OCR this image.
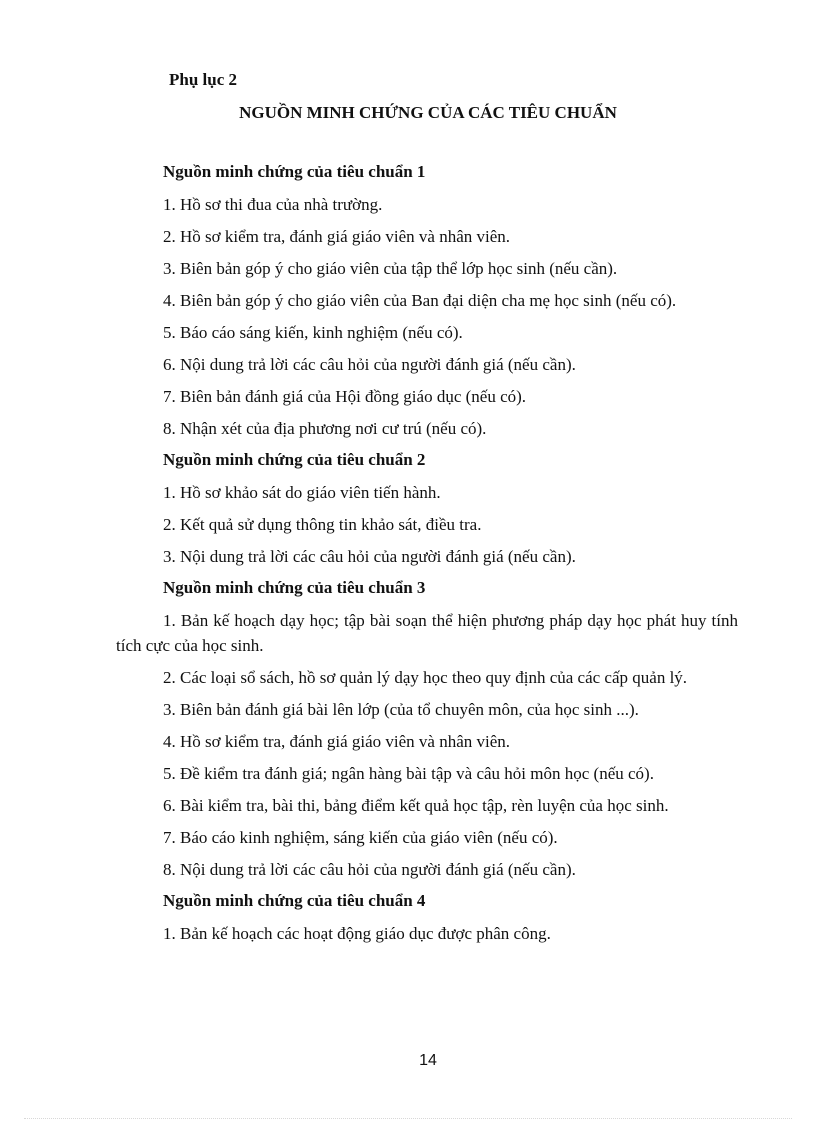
Phụ lục 2
NGUỒN MINH CHỨNG CỦA CÁC TIÊU CHUẨN

Nguồn minh chứng của tiêu chuẩn 1

1. Hồ sơ thi đua của nhà trường.

2. Hồ sơ kiểm tra, đánh giá giáo viên và nhân viên.

3. Biên bản góp ý cho giáo viên của tập thể lớp học sinh (nếu cần).

4. Biên bản góp ý cho giáo viên của Ban đại diện cha mẹ học sinh (nếu có).

5. Báo cáo sáng kiến, kinh nghiệm (nếu có).

6. Nội dung trả lời các câu hỏi của người đánh giá (nếu cần).

7. Biên bản đánh giá của Hội đồng giáo dục (nếu có).

8. Nhận xét của địa phương nơi cư trú (nếu có).

Nguồn minh chứng của tiêu chuẩn 2

1. Hồ sơ khảo sát do giáo viên tiến hành.

2. Kết quả sử dụng thông tin khảo sát, điều tra.

3. Nội dung trả lời các câu hỏi của người đánh giá (nếu cần).

Nguồn minh chứng của tiêu chuẩn 3

1. Bản kế hoạch dạy học; tập bài soạn thể hiện phương pháp dạy học phát huy tính tích cực của học sinh.

2. Các loại sổ sách, hồ sơ quản lý dạy học theo quy định của các cấp quản lý.

3. Biên bản đánh giá bài lên lớp (của tổ chuyên môn, của học sinh ...).

4. Hồ sơ kiểm tra, đánh giá giáo viên và nhân viên.

5. Đề kiểm tra đánh giá; ngân hàng bài tập và câu hỏi môn học (nếu có).

6. Bài kiểm tra, bài thi, bảng điểm kết quả học tập, rèn luyện của học sinh.

7. Báo cáo kinh nghiệm, sáng kiến của giáo viên (nếu có).

8. Nội dung trả lời các câu hỏi của người đánh giá (nếu cần).

Nguồn minh chứng của tiêu chuẩn 4

1. Bản kế hoạch các hoạt động giáo dục được phân công.

14
